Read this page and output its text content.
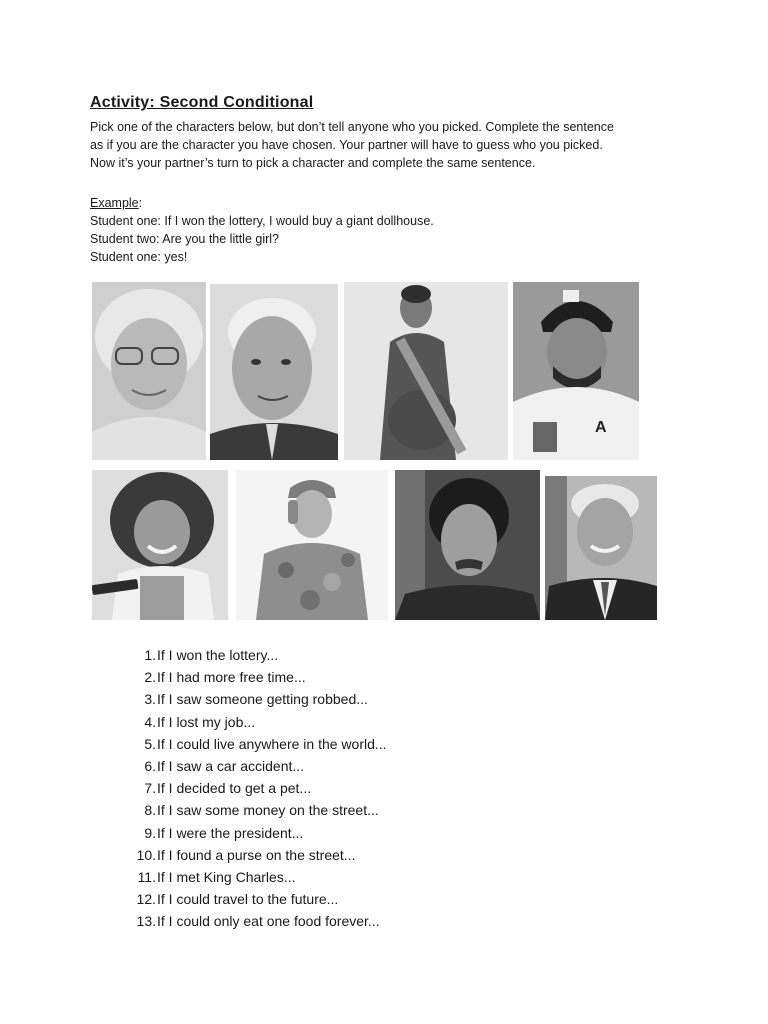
Activity: Second Conditional

Pick one of the characters below, but don’t tell anyone who you picked. Complete the sentence
as if you are the character you have chosen. Your partner will have to guess who you picked.
Now it’s your partner’s turn to pick a character and complete the same sentence.

Example:
Student one: If I won the lottery, I would buy a giant dollhouse.
Student two: Are you the little girl?
Student one: yes!
A
1. If I won the lottery...
2. If I had more free time...
3. If I saw someone getting robbed...
4. If I lost my job...
5. If I could live anywhere in the world...
6. If I saw a car accident...
7. If I decided to get a pet...
8. If I saw some money on the street...
9. If I were the president...
10. If I found a purse on the street...
11. If I met King Charles...
12. If I could travel to the future...
13. If I could only eat one food forever...
